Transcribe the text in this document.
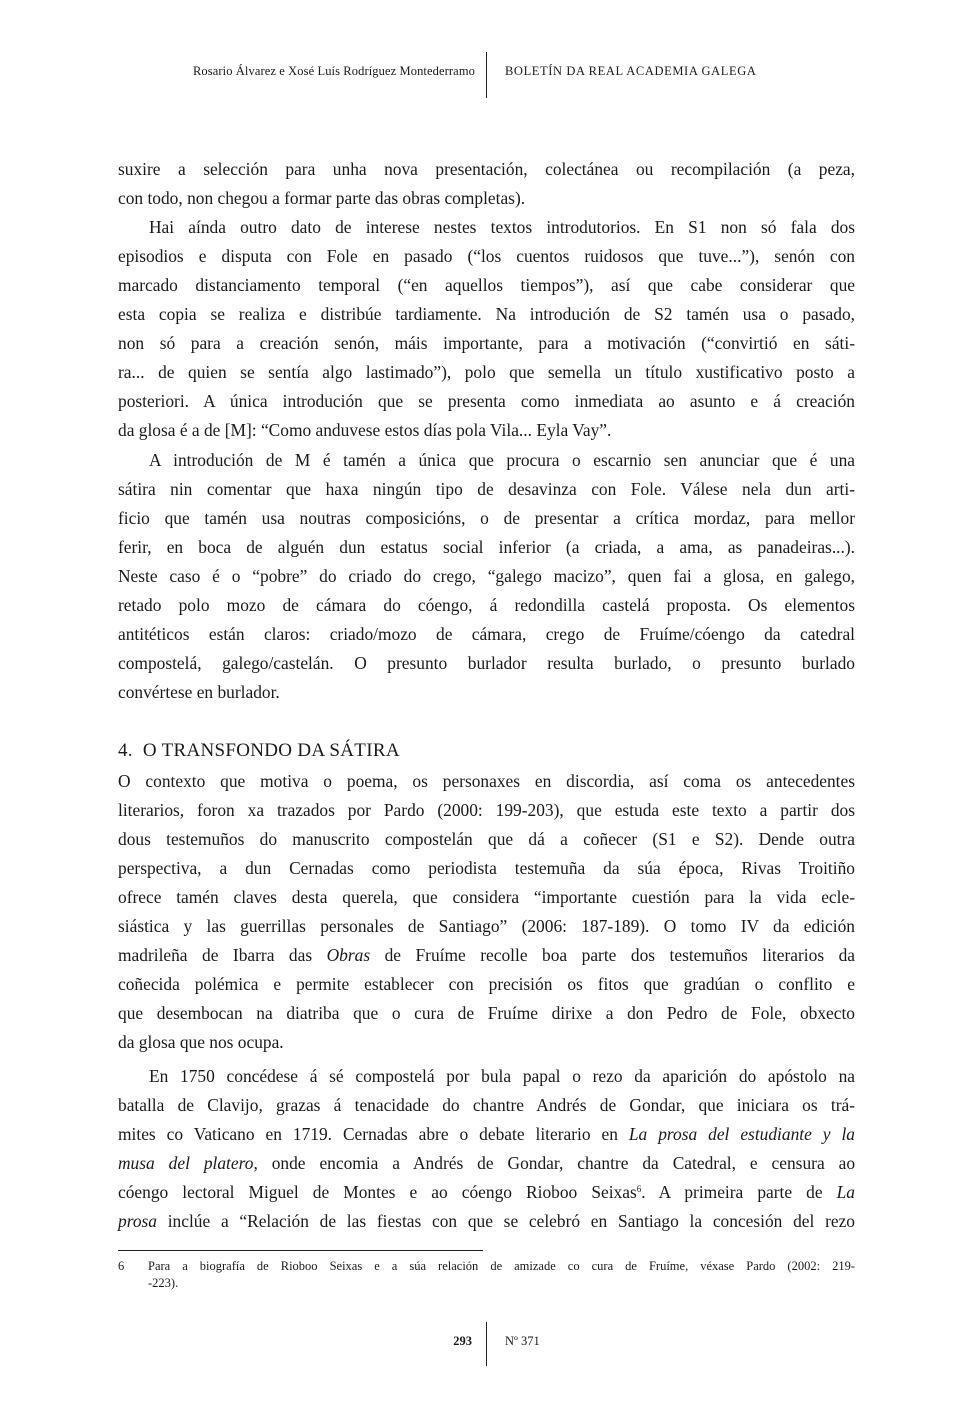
Rosario Álvarez e Xosé Luís Rodríguez Montederramo BOLETÍN DA REAL ACADEMIA GALEGA
suxire a selección para unha nova presentación, colectánea ou recompilación (a peza,
con todo, non chegou a formar parte das obras completas).
Hai aínda outro dato de interese nestes textos introdutorios. En S1 non só fala dos
episodios e disputa con Fole en pasado (“los cuentos ruidosos que tuve...”), senón con
marcado distanciamento temporal (“en aquellos tiempos”), así que cabe considerar que
esta copia se realiza e distribúe tardiamente. Na introdución de S2 tamén usa o pasado,
non só para a creación senón, máis importante, para a motivación (“convirtió en sáti-
ra... de quien se sentía algo lastimado”), polo que semella un título xustificativo posto a
posteriori. A única introdución que se presenta como inmediata ao asunto e á creación
da glosa é a de [M]: “Como anduvese estos días pola Vila... Eyla Vay”.
A introdución de M é tamén a única que procura o escarnio sen anunciar que é una
sátira nin comentar que haxa ningún tipo de desavinza con Fole. Válese nela dun arti-
ficio que tamén usa noutras composicións, o de presentar a crítica mordaz, para mellor
ferir, en boca de alguén dun estatus social inferior (a criada, a ama, as panadeiras...).
Neste caso é o “pobre” do criado do crego, “galego macizo”, quen fai a glosa, en galego,
retado polo mozo de cámara do cóengo, á redondilla castelá proposta. Os elementos
antitéticos están claros: criado/mozo de cámara, crego de Fruíme/cóengo da catedral
compostelá, galego/castelán. O presunto burlador resulta burlado, o presunto burlado
convértese en burlador.
4. O TRANSFONDO DA SÁTIRA
O contexto que motiva o poema, os personaxes en discordia, así coma os antecedentes
literarios, foron xa trazados por Pardo (2000: 199-203), que estuda este texto a partir dos
dous testemuños do manuscrito compostelán que dá a coñecer (S1 e S2). Dende outra
perspectiva, a dun Cernadas como periodista testemuña da súa época, Rivas Troitiño
ofrece tamén claves desta querela, que considera “importante cuestión para la vida ecle-
siástica y las guerrillas personales de Santiago” (2006: 187-189). O tomo IV da edición
madrileña de Ibarra das Obras de Fruíme recolle boa parte dos testemuños literarios da
coñecida polémica e permite establecer con precisión os fitos que gradúan o conflito e
que desembocan na diatriba que o cura de Fruíme dirixe a don Pedro de Fole, obxecto
da glosa que nos ocupa.
En 1750 concédese á sé compostelá por bula papal o rezo da aparición do apóstolo na
batalla de Clavijo, grazas á tenacidade do chantre Andrés de Gondar, que iniciara os trá-
mites co Vaticano en 1719. Cernadas abre o debate literario en La prosa del estudiante y la
musa del platero, onde encomia a Andrés de Gondar, chantre da Catedral, e censura ao
cóengo lectoral Miguel de Montes e ao cóengo Rioboo Seixas$^6$. A primeira parte de La
prosa inclúe a “Relación de las fiestas con que se celebró en Santiago la concesión del rezo
6 Para a biografía de Rioboo Seixas e a súa relación de amizade co cura de Fruíme, véxase Pardo (2002: 219-
-223).
293	Nº 371
